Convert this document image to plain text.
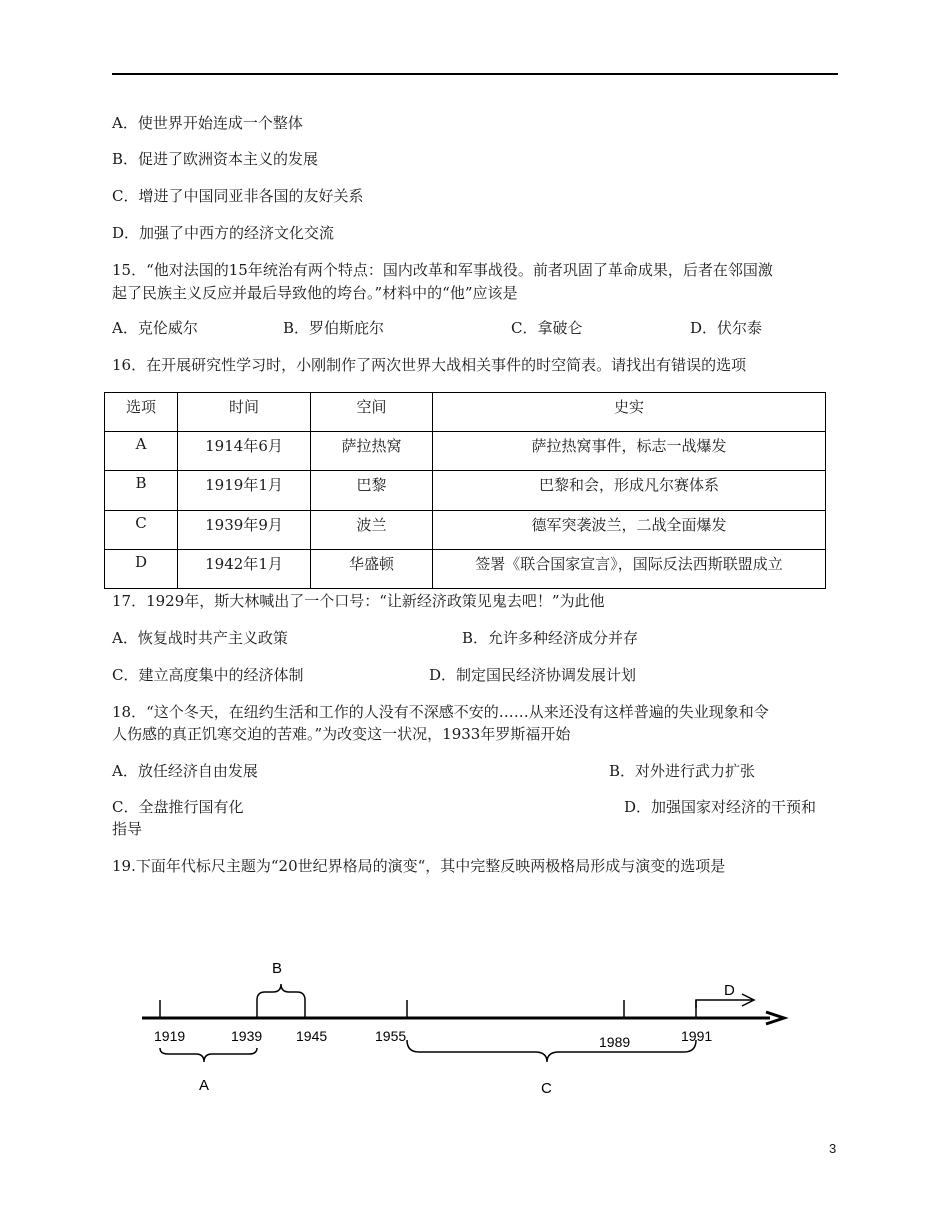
A．使世界开始连成一个整体
B．促进了欧洲资本主义的发展
C．增进了中国同亚非各国的友好关系
D．加强了中西方的经济文化交流
15．“他对法国的15年统治有两个特点：国内改革和军事战役。前者巩固了革命成果，后者在邻国激
起了民族主义反应并最后导致他的垮台。”材料中的“他”应该是
A．克伦威尔	B．罗伯斯庇尔	C．拿破仑	D．伏尔泰
16．在开展研究性学习时，小刚制作了两次世界大战相关事件的时空简表。请找出有错误的选项
选项	时间	空间	史实
A	1914年6月	萨拉热窝	萨拉热窝事件，标志一战爆发
B	1919年1月	巴黎	巴黎和会，形成凡尔赛体系
C	1939年9月	波兰	德军突袭波兰，二战全面爆发
D	1942年1月	华盛顿	签署《联合国家宣言》，国际反法西斯联盟成立
17．1929年，斯大林喊出了一个口号：“让新经济政策见鬼去吧！”为此他
A．恢复战时共产主义政策	B．允许多种经济成分并存
C．建立高度集中的经济体制	D．制定国民经济协调发展计划
18．“这个冬天，在纽约生活和工作的人没有不深感不安的……从来还没有这样普遍的失业现象和令
人伤感的真正饥寒交迫的苦难。”为改变这一状况，1933年罗斯福开始
A．放任经济自由发展	B．对外进行武力扩张
C．全盘推行国有化	D．加强国家对经济的干预和
指导
19.下面年代标尺主题为“20世纪界格局的演变“，其中完整反映两极格局形成与演变的选项是
1919	1939 1945	1955	1989	1991
B
A	C
D
3
